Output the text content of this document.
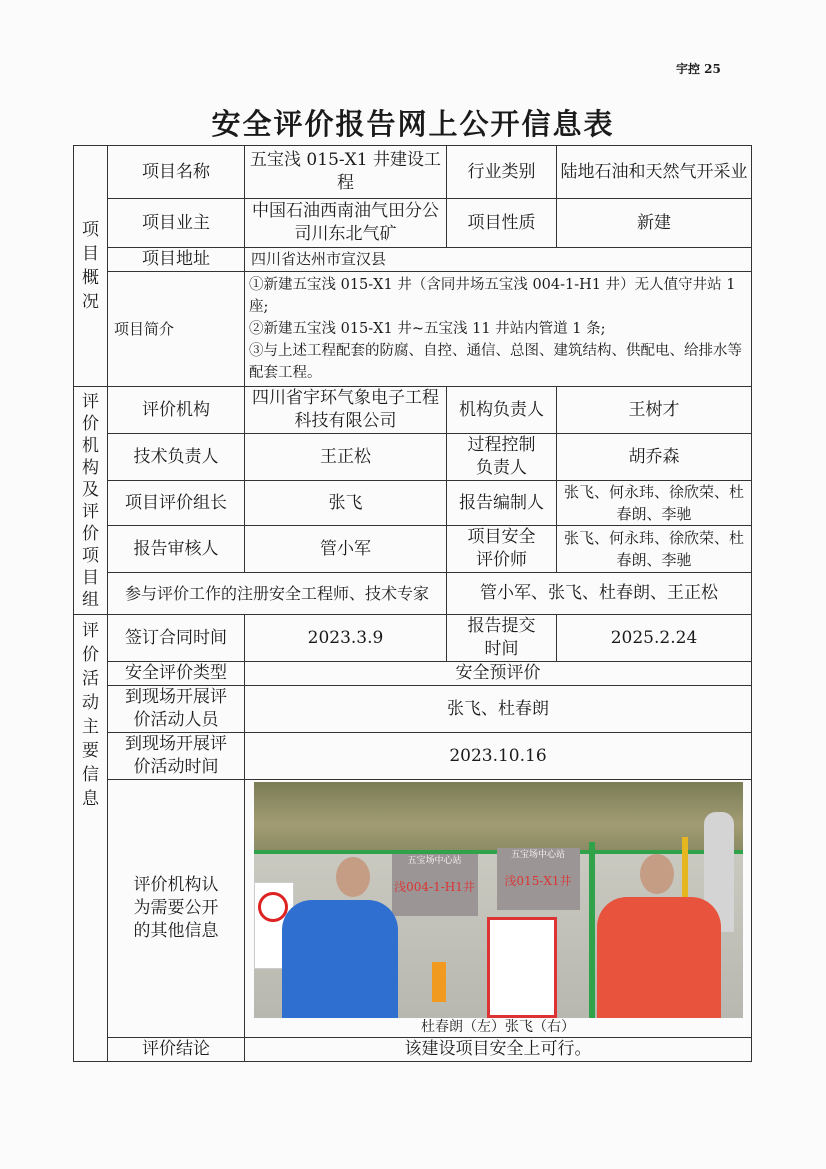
宇控 25
安全评价报告网上公开信息表
项目概况	项目名称	五宝浅 015-X1 井建设工程	行业类别	陆地石油和天然气开采业
	项目业主	中国石油西南油气田分公司川东北气矿	项目性质	新建
	项目地址	四川省达州市宣汉县		
	项目简介	①新建五宝浅 015-X1 井（含同井场五宝浅 004-1-H1 井）无人值守井站 1 座;
②新建五宝浅 015-X1 井~五宝浅 11 井站内管道 1 条;
③与上述工程配套的防腐、自控、通信、总图、建筑结构、供配电、给排水等配套工程。		

评价机构及评价项目组	评价机构	四川省宇环气象电子工程科技有限公司	机构负责人	王树才
	技术负责人	王正松	过程控制负责人	胡乔森
	项目评价组长	张飞	报告编制人	张飞、何永玮、徐欣荣、杜春朗、李驰
	报告审核人	管小军	项目安全评价师	张飞、何永玮、徐欣荣、杜春朗、李驰
	参与评价工作的注册安全工程师、技术专家		管小军、张飞、杜春朗、王正松	
评价活动主要信息	签订合同时间	2023.3.9	报告提交时间	2025.2.24
	安全评价类型	安全预评价		
	到现场开展评价活动人员	张飞、杜春朗		
	到现场开展评价活动时间	2023.10.16		
	评价机构认为需要公开的其他信息	五宝场中心站
浅004-1-H1井
五宝场中心站
浅015-X1井
杜春朗（左）张飞（右）		

	评价结论	该建设项目安全上可行。		
